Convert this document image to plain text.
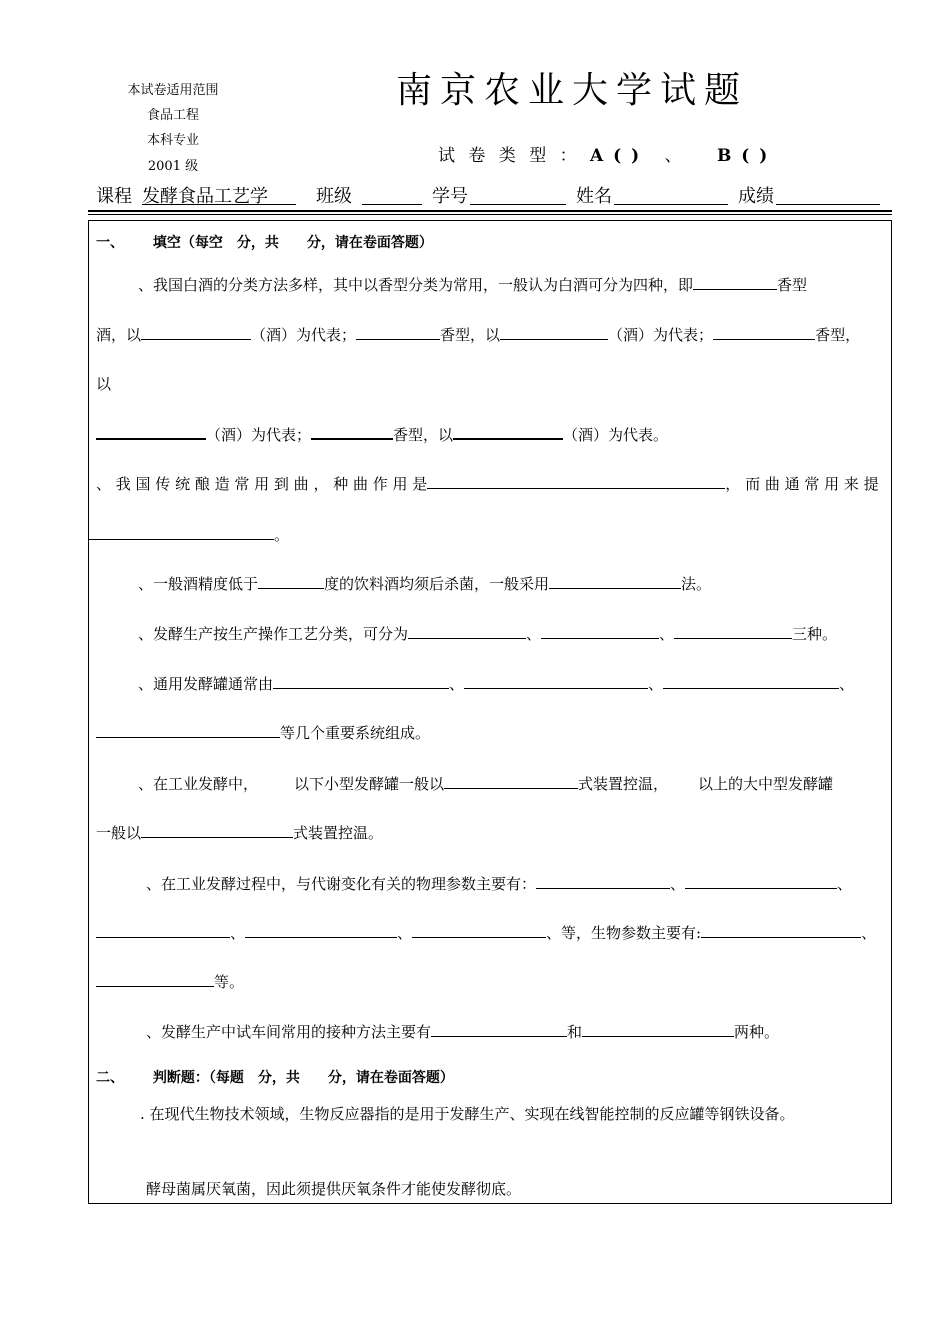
本试卷适用范围
食品工程
本科专业
2001 级
南京农业大学试题
试 卷 类 型 ： A ( ) 、 B ( )
课程 发酵食品工艺学	班级	学号	姓名	成绩
一、 填空（每空　分，共　　分，请在卷面答题）
、我国白酒的分类方法多样，其中以香型分类为常用，一般认为白酒可分为四种，即	香型
酒，以	（酒）为代表；	香型，以	（酒）为代表；	香型，
以
（酒）为代表；	香型，以	（酒）为代表。
、 我 国 传 统 酿 造 常 用 到 曲 ， 种 曲 作 用 是	， 而 曲 通 常 用 来 提
。
、一般酒精度低于	度的饮料酒均须后杀菌，一般采用	法。
、发酵生产按生产操作工艺分类，可分为	、	、	三种。
、通用发酵罐通常由	、	、	、
等几个重要系统组成。
、在工业发酵中， 以下小型发酵罐一般以	式装置控温， 以上的大中型发酵罐
一般以	式装置控温。
、在工业发酵过程中，与代谢变化有关的物理参数主要有：	、	、
、	、	、等，生物参数主要有:	、
等。
、发酵生产中试车间常用的接种方法主要有	和	两种。
二、 判断题：（每题　分，共　　分，请在卷面答题）
. 在现代生物技术领域，生物反应器指的是用于发酵生产、实现在线智能控制的反应罐等钢铁设备。
酵母菌属厌氧菌，因此须提供厌氧条件才能使发酵彻底。
